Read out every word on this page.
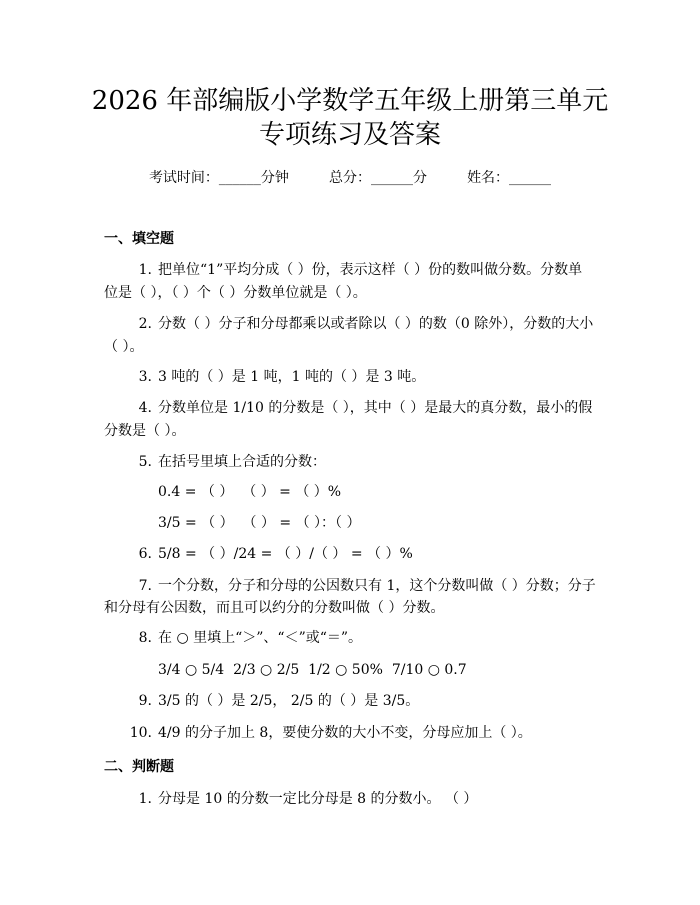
2026 年部编版小学数学五年级上册第三单元
专项练习及答案
考试时间：______分钟	总分：______分	姓名：______
一、填空题
1. 把单位“1”平均分成（ ）份，表示这样（ ）份的数叫做分数。分数单
位是（ ），（ ）个（ ）分数单位就是（ ）。
2. 分数（ ）分子和分母都乘以或者除以（ ）的数（0 除外），分数的大小
（ ）。
3. 3 吨的（ ）是 1 吨，1 吨的（ ）是 3 吨。
4. 分数单位是 1/10 的分数是（ ），其中（ ）是最大的真分数，最小的假
分数是（ ）。
5. 在括号里填上合适的分数：
0.4 = （ ）  （ ） = （ ）%
3/5 = （ ）  （ ） = （ ）：（ ）
6. 5/8 = （ ）/24 = （ ）/（ ） = （ ）%
7. 一个分数，分子和分母的公因数只有 1，这个分数叫做（ ）分数；分子
和分母有公因数，而且可以约分的分数叫做（ ）分数。
8. 在 ○ 里填上“＞”、“＜”或“＝”。
3/4 ○ 5/4  2/3 ○ 2/5  1/2 ○ 50%  7/10 ○ 0.7
9. 3/5 的（ ）是 2/5， 2/5 的（ ）是 3/5。
10. 4/9 的分子加上 8，要使分数的大小不变，分母应加上（ ）。
二、判断题
1. 分母是 10 的分数一定比分母是 8 的分数小。 （ ）
